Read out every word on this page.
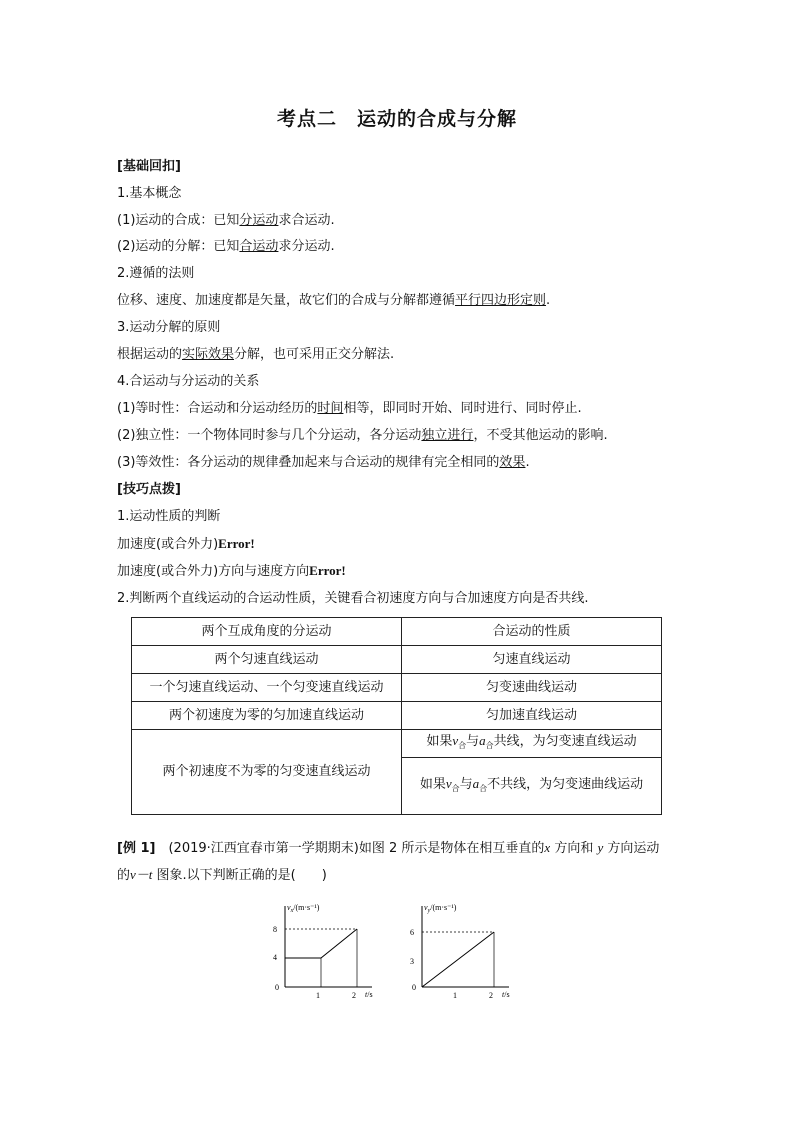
考点二　运动的合成与分解
[基础回扣]
1.基本概念
(1)运动的合成：已知分运动求合运动.
(2)运动的分解：已知合运动求分运动.
2.遵循的法则
位移、速度、加速度都是矢量，故它们的合成与分解都遵循平行四边形定则.
3.运动分解的原则
根据运动的实际效果分解，也可采用正交分解法.
4.合运动与分运动的关系
(1)等时性：合运动和分运动经历的时间相等，即同时开始、同时进行、同时停止.
(2)独立性：一个物体同时参与几个分运动，各分运动独立进行，不受其他运动的影响.
(3)等效性：各分运动的规律叠加起来与合运动的规律有完全相同的效果.
[技巧点拨]
1.运动性质的判断
加速度(或合外力)Error!
加速度(或合外力)方向与速度方向Error!
2.判断两个直线运动的合运动性质，关键看合初速度方向与合加速度方向是否共线.
两个互成角度的分运动	合运动的性质
两个匀速直线运动	匀速直线运动
一个匀速直线运动、一个匀变速直线运动	匀变速曲线运动
两个初速度为零的匀加速直线运动	匀加速直线运动
两个初速度不为零的匀变速直线运动	如果$v_合$与$a_合$共线，为匀变速直线运动
	如果$v_合$与$a_合$不共线，为匀变速曲线运动
[例 1]　 (2019·江西宜春市第一学期期末)如图 2 所示是物体在相互垂直的x 方向和 y 方向运动
的v－t 图象.以下判断正确的是(　　)
$v_x/(m\cdot s^{-1})$
t/s
8
4
0
1	2
$v_y/(m\cdot s^{-1})$
t/s
6
3
0
1	2
